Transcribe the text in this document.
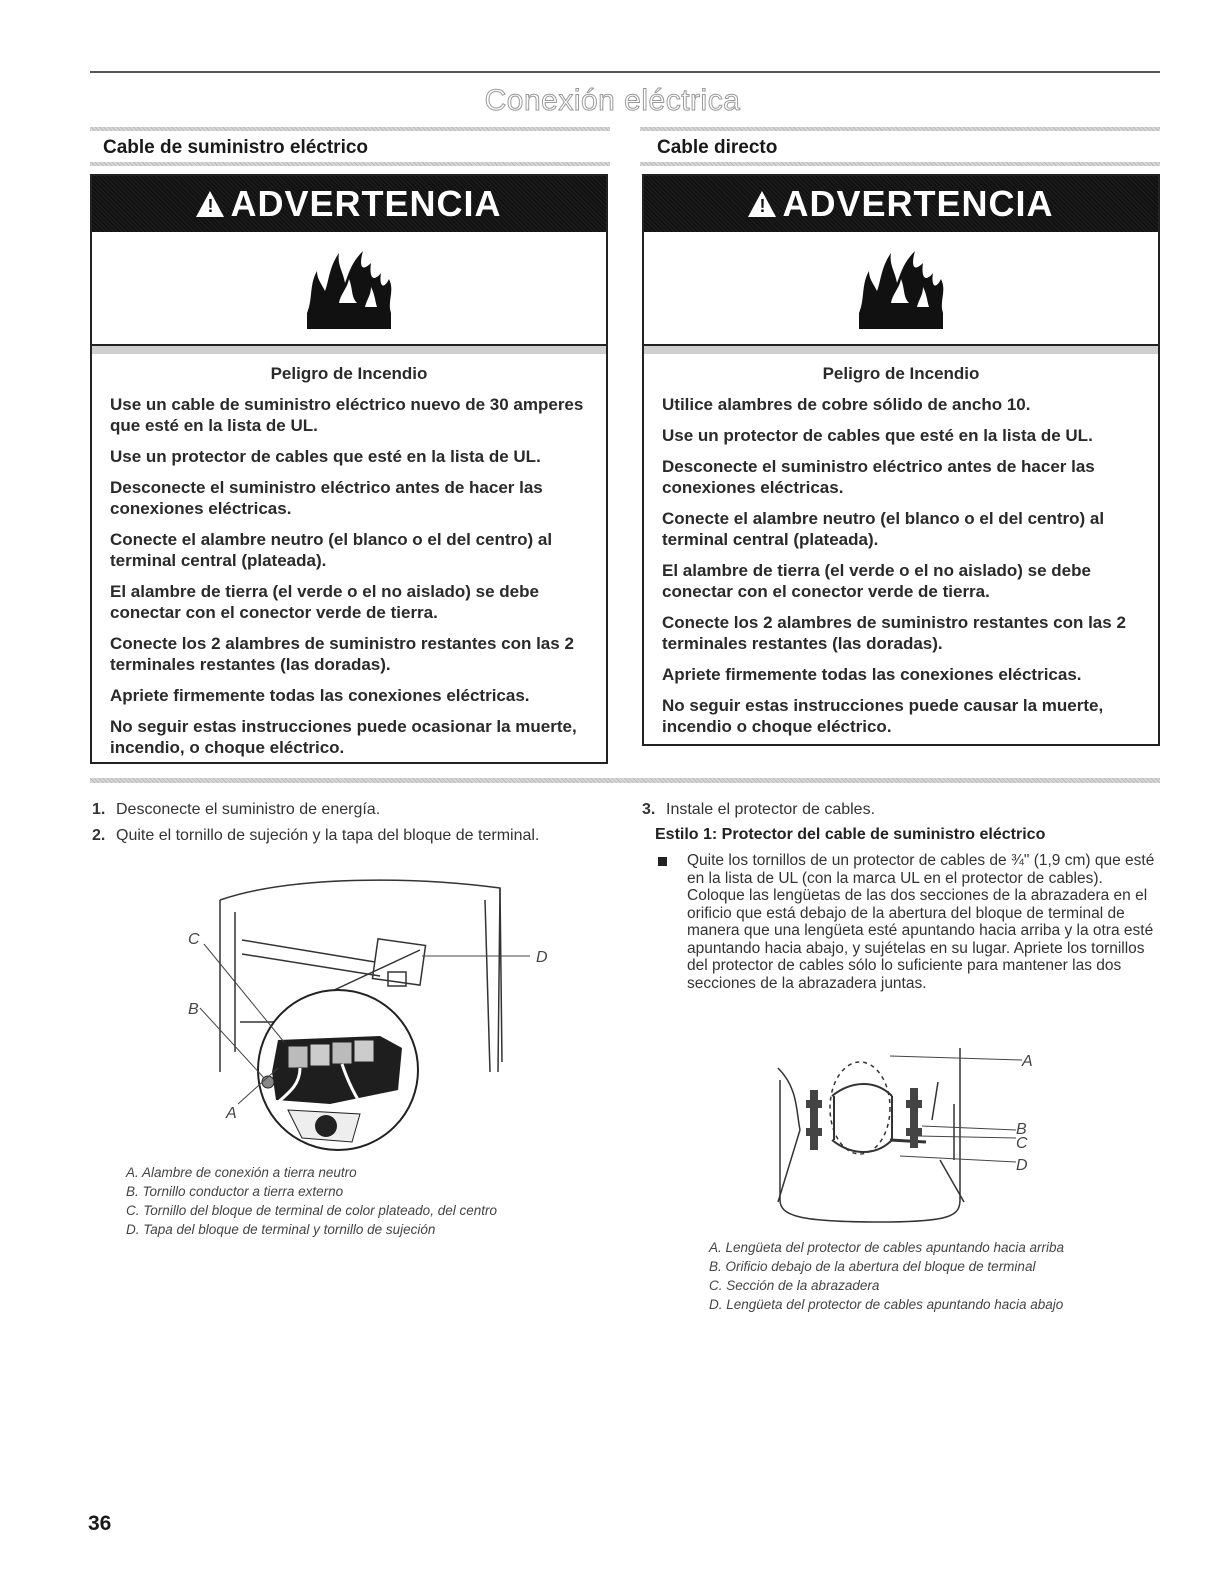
Conexión eléctrica
Cable de suministro eléctrico	Cable directo
! ADVERTENCIA
Peligro de Incendio
Use un cable de suministro eléctrico nuevo de 30 amperes que esté en la lista de UL.
Use un protector de cables que esté en la lista de UL.
Desconecte el suministro eléctrico antes de hacer las conexiones eléctricas.
Conecte el alambre neutro (el blanco o el del centro) al terminal central (plateada).
El alambre de tierra (el verde o el no aislado) se debe conectar con el conector verde de tierra.
Conecte los 2 alambres de suministro restantes con las 2 terminales restantes (las doradas).
Apriete firmemente todas las conexiones eléctricas.
No seguir estas instrucciones puede ocasionar la muerte, incendio, o choque eléctrico.
! ADVERTENCIA
Peligro de Incendio
Utilice alambres de cobre sólido de ancho 10.
Use un protector de cables que esté en la lista de UL.
Desconecte el suministro eléctrico antes de hacer las conexiones eléctricas.
Conecte el alambre neutro (el blanco o el del centro) al terminal central (plateada).
El alambre de tierra (el verde o el no aislado) se debe conectar con el conector verde de tierra.
Conecte los 2 alambres de suministro restantes con las 2 terminales restantes (las doradas).
Apriete firmemente todas las conexiones eléctricas.
No seguir estas instrucciones puede causar la muerte, incendio o choque eléctrico.
1. Desconecte el suministro de energía.
2. Quite el tornillo de sujeción y la tapa del bloque de terminal.
3. Instale el protector de cables.
Estilo 1: Protector del cable de suministro eléctrico
Quite los tornillos de un protector de cables de ¾" (1,9 cm) que esté en la lista de UL (con la marca UL en el protector de cables). Coloque las lengüetas de las dos secciones de la abrazadera en el orificio que está debajo de la abertura del bloque de terminal de manera que una lengüeta esté apuntando hacia arriba y la otra esté apuntando hacia abajo, y sujételas en su lugar. Apriete los tornillos del protector de cables sólo lo suficiente para mantener las dos secciones de la abrazadera juntas.
C
B
A
D
A. Alambre de conexión a tierra neutro
B. Tornillo conductor a tierra externo
C. Tornillo del bloque de terminal de color plateado, del centro
D. Tapa del bloque de terminal y tornillo de sujeción
A
B
C
D
A. Lengüeta del protector de cables apuntando hacia arriba
B. Orificio debajo de la abertura del bloque de terminal
C. Sección de la abrazadera
D. Lengüeta del protector de cables apuntando hacia abajo
36
